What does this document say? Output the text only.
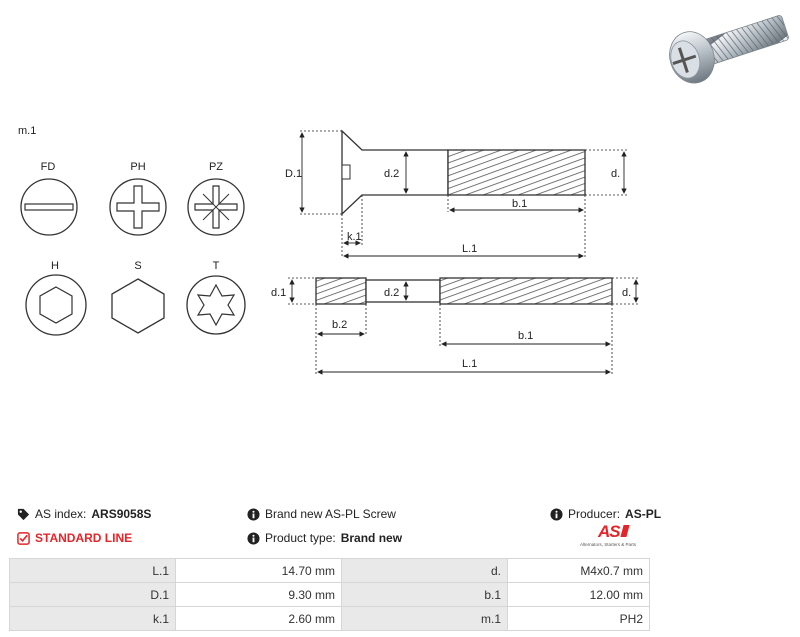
m.1
FD	PH	PZ
H	S	T
D.1	d.2	d.
b.1
k.1
L.1
d.1	d.2	d.
b.2
b.1
L.1
AS index: ARS9058S	Brand new AS-PL Screw	Producer: AS-PL
STANDARD LINE	Product type: Brand new	AS
Alternators, Starters & Parts
L.1	14.70 mm	d.	M4x0.7 mm
D.1	9.30 mm	b.1	12.00 mm
k.1	2.60 mm	m.1	PH2
